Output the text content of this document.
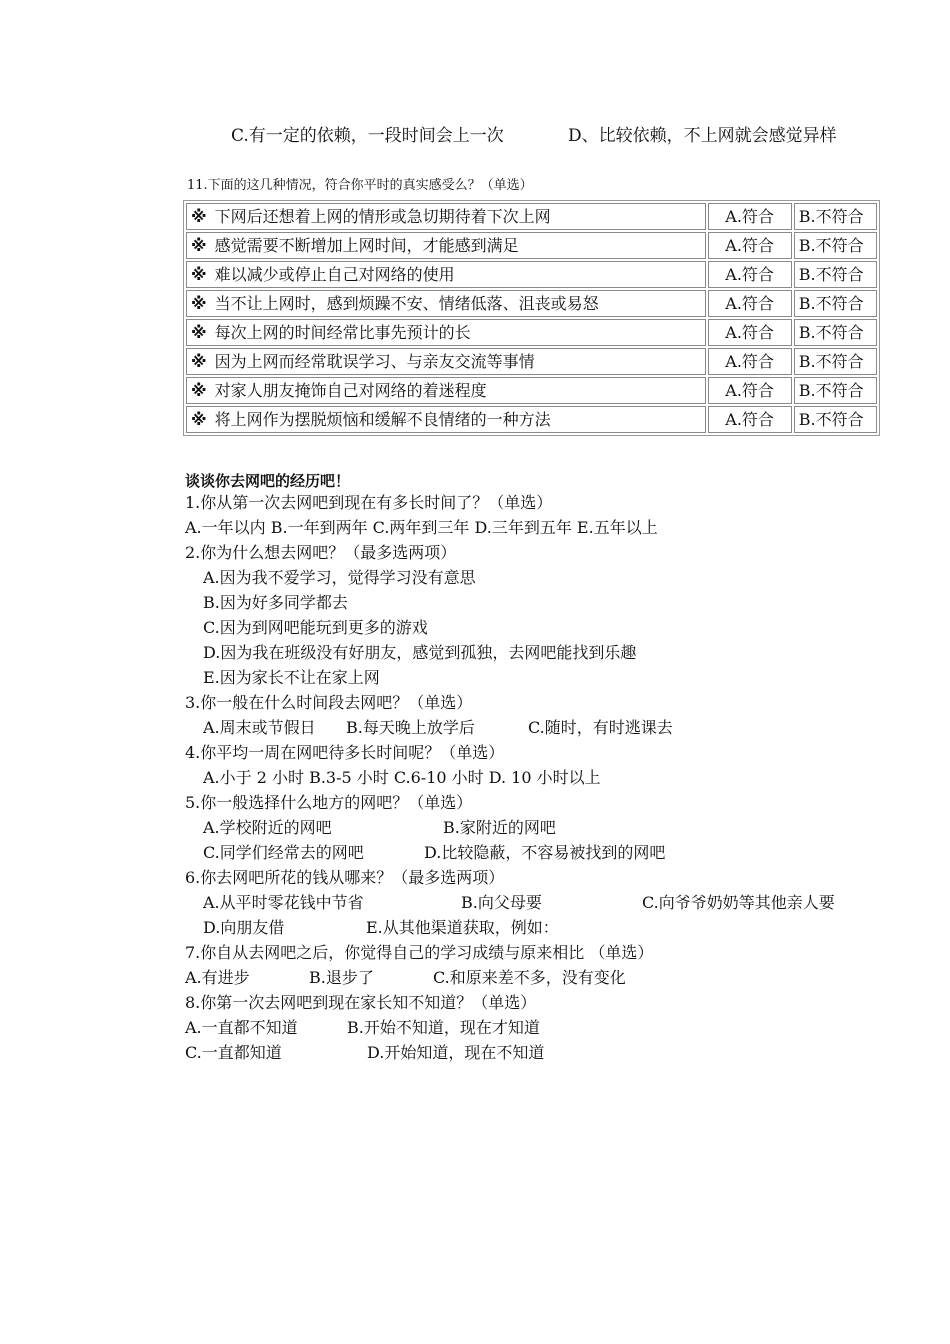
C.有一定的依赖，一段时间会上一次	D、比较依赖，不上网就会感觉异样
11.下面的这几种情况，符合你平时的真实感受么？（单选）
※ 下网后还想着上网的情形或急切期待着下次上网	A.符合	B.不符合
※ 感觉需要不断增加上网时间，才能感到满足	A.符合	B.不符合
※ 难以减少或停止自己对网络的使用	A.符合	B.不符合
※ 当不让上网时，感到烦躁不安、情绪低落、沮丧或易怒	A.符合	B.不符合
※ 每次上网的时间经常比事先预计的长	A.符合	B.不符合
※ 因为上网而经常耽误学习、与亲友交流等事情	A.符合	B.不符合
※ 对家人朋友掩饰自己对网络的着迷程度	A.符合	B.不符合
※ 将上网作为摆脱烦恼和缓解不良情绪的一种方法	A.符合	B.不符合
谈谈你去网吧的经历吧！
1.你从第一次去网吧到现在有多长时间了？（单选）
A.一年以内 B.一年到两年 C.两年到三年 D.三年到五年 E.五年以上
2.你为什么想去网吧？（最多选两项）
A.因为我不爱学习，觉得学习没有意思
B.因为好多同学都去
C.因为到网吧能玩到更多的游戏
D.因为我在班级没有好朋友，感觉到孤独，去网吧能找到乐趣
E.因为家长不让在家上网
3.你一般在什么时间段去网吧？（单选）
A.周末或节假日 B.每天晚上放学后	C.随时，有时逃课去
4.你平均一周在网吧待多长时间呢？（单选）
A.小于 2 小时 B.3-5 小时 C.6-10 小时 D. 10 小时以上
5.你一般选择什么地方的网吧？（单选）
A.学校附近的网吧	B.家附近的网吧
C.同学们经常去的网吧	D.比较隐蔽，不容易被找到的网吧
6.你去网吧所花的钱从哪来？（最多选两项）
A.从平时零花钱中节省	B.向父母要	C.向爷爷奶奶等其他亲人要
D.向朋友借	E.从其他渠道获取，例如：
7.你自从去网吧之后，你觉得自己的学习成绩与原来相比 （单选）
A.有进步	B.退步了	C.和原来差不多，没有变化
8.你第一次去网吧到现在家长知不知道？（单选）
A.一直都不知道	B.开始不知道，现在才知道
C.一直都知道	D.开始知道，现在不知道
